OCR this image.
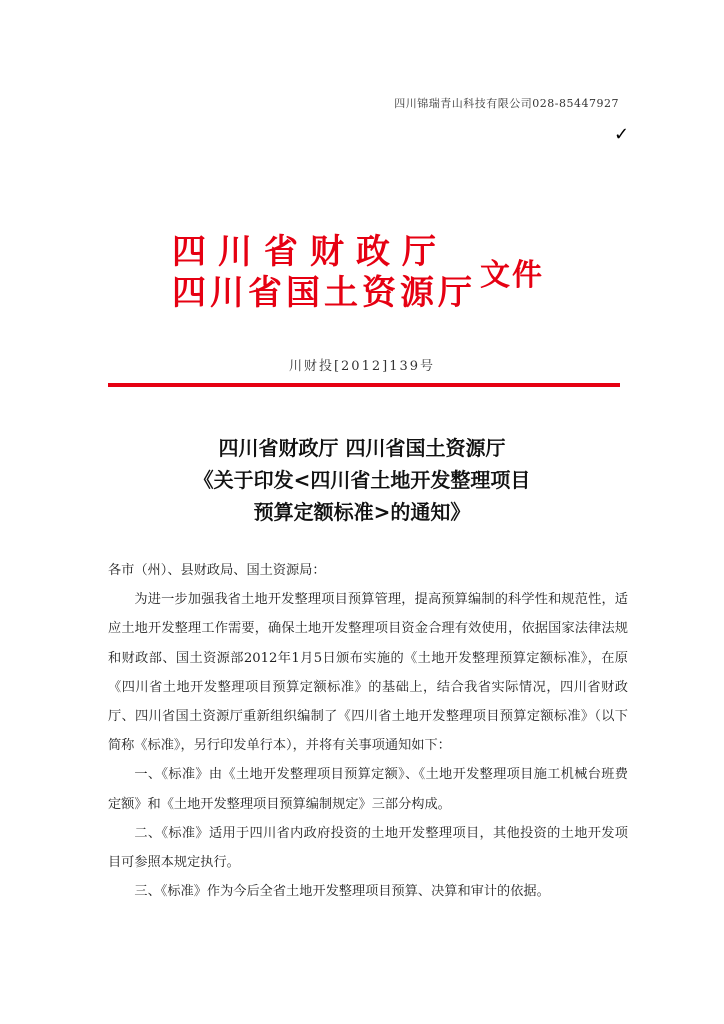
四川锦瑞青山科技有限公司028-85447927
✓
四川省财政厅
四川省国土资源厅 文件
川财投[2012]139号
四川省财政厅 四川省国土资源厅
《关于印发<四川省土地开发整理项目
预算定额标准>的通知》

各市（州）、县财政局、国土资源局：

为进一步加强我省土地开发整理项目预算管理，提高预算编制的科学性和规范性，适应土地开发整理工作需要，确保土地开发整理项目资金合理有效使用，依据国家法律法规和财政部、国土资源部2012年1月5日颁布实施的《土地开发整理预算定额标准》，在原《四川省土地开发整理项目预算定额标准》的基础上，结合我省实际情况，四川省财政厅、四川省国土资源厅重新组织编制了《四川省土地开发整理项目预算定额标准》（以下简称《标准》，另行印发单行本），并将有关事项通知如下：

一、《标准》由《土地开发整理项目预算定额》、《土地开发整理项目施工机械台班费定额》和《土地开发整理项目预算编制规定》三部分构成。

二、《标准》适用于四川省内政府投资的土地开发整理项目，其他投资的土地开发项目可参照本规定执行。

三、《标准》作为今后全省土地开发整理项目预算、决算和审计的依据。
